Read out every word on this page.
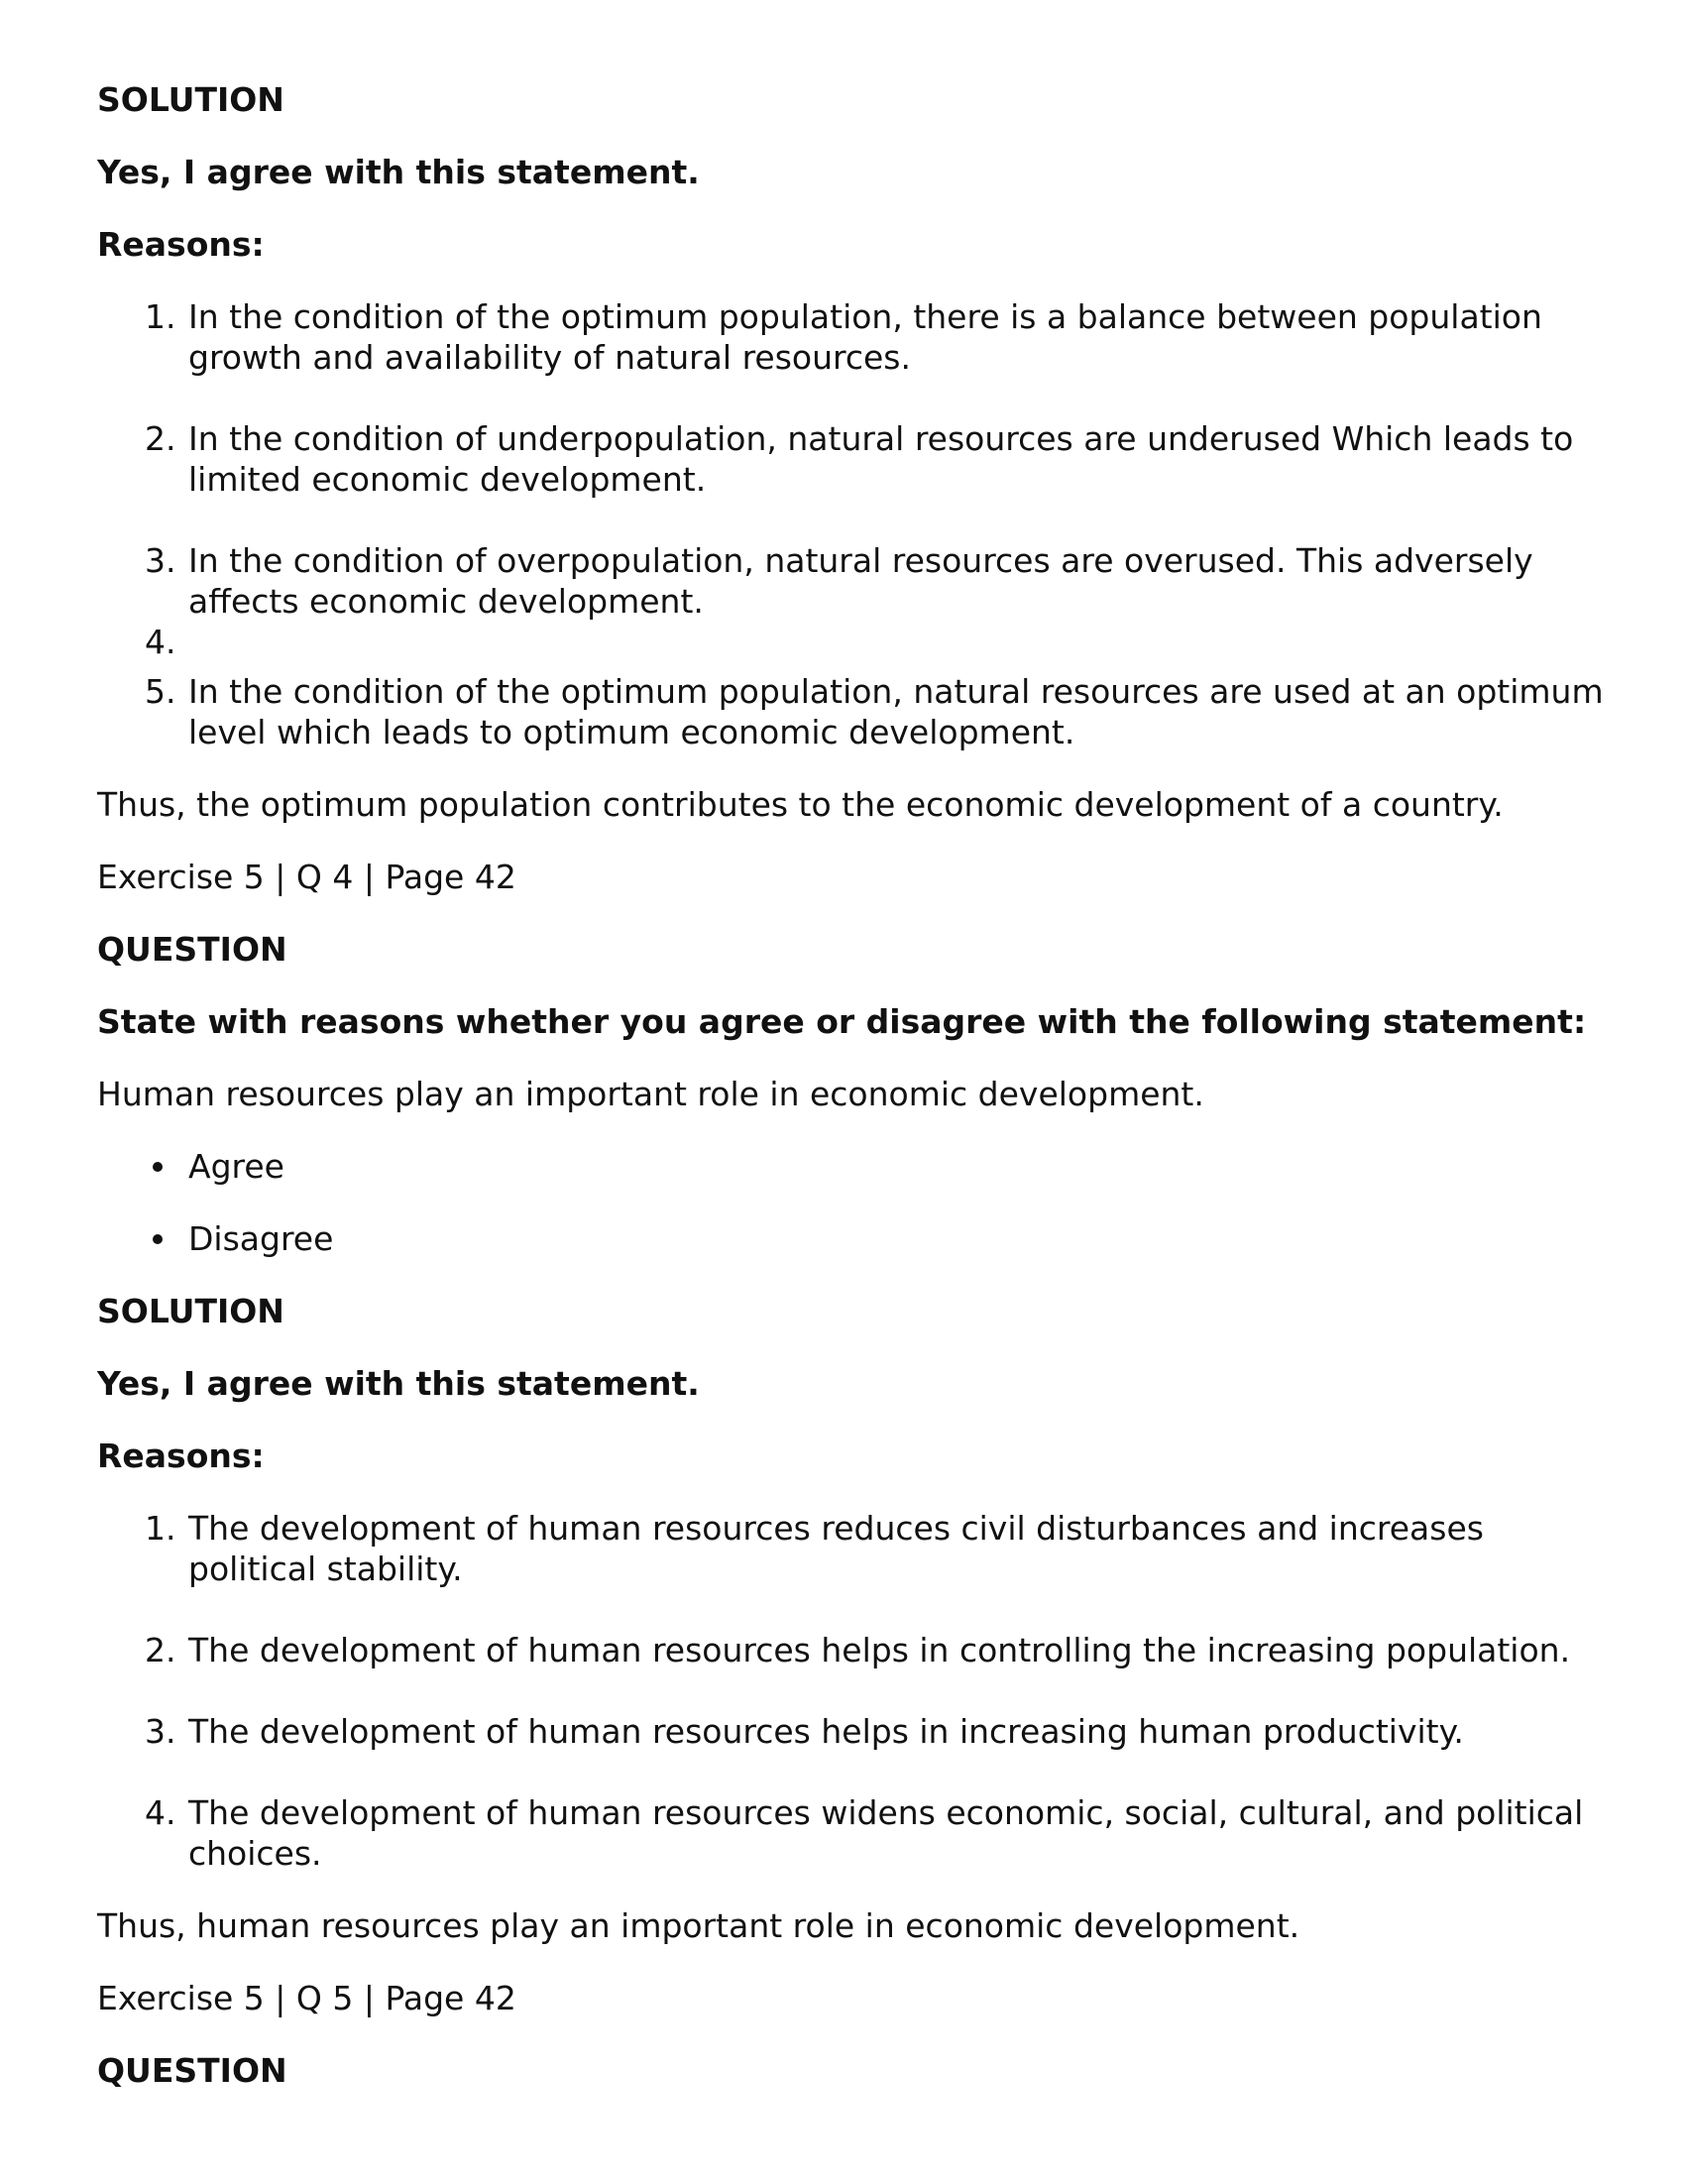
SOLUTION

Yes, I agree with this statement.

Reasons:

1. In the condition of the optimum population, there is a balance between population growth and availability of natural resources.
2. In the condition of underpopulation, natural resources are underused Which leads to limited economic development.
3. In the condition of overpopulation, natural resources are overused. This adversely affects economic development.
4.
5. In the condition of the optimum population, natural resources are used at an optimum level which leads to optimum economic development.

Thus, the optimum population contributes to the economic development of a country.

Exercise 5 | Q 4 | Page 42

QUESTION

State with reasons whether you agree or disagree with the following statement:

Human resources play an important role in economic development.

Agree
Disagree

SOLUTION

Yes, I agree with this statement.

Reasons:

1. The development of human resources reduces civil disturbances and increases political stability.
2. The development of human resources helps in controlling the increasing population.
3. The development of human resources helps in increasing human productivity.
4. The development of human resources widens economic, social, cultural, and political choices.

Thus, human resources play an important role in economic development.

Exercise 5 | Q 5 | Page 42

QUESTION
